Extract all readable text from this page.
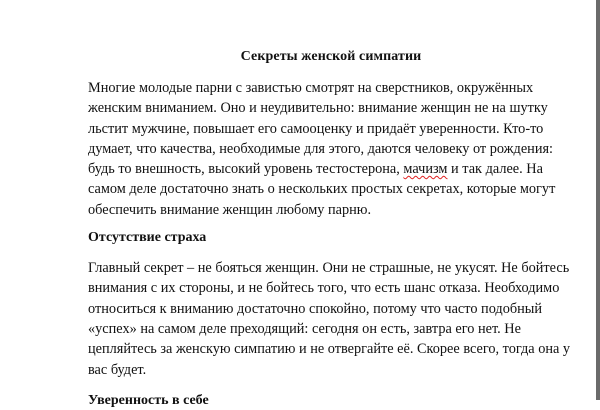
Секреты женской симпатии

Многие молодые парни с завистью смотрят на сверстников, окружённых женским вниманием. Оно и неудивительно: внимание женщин не на шутку льстит мужчине, повышает его самооценку и придаёт уверенности. Кто-то думает, что качества, необходимые для этого, даются человеку от рождения: будь то внешность, высокий уровень тестостерона, мачизм и так далее. На самом деле достаточно знать о нескольких простых секретах, которые могут обеспечить внимание женщин любому парню.

Отсутствие страха

Главный секрет – не бояться женщин. Они не страшные, не укусят. Не бойтесь внимания с их стороны, и не бойтесь того, что есть шанс отказа. Необходимо относиться к вниманию достаточно спокойно, потому что часто подобный «успех» на самом деле преходящий: сегодня он есть, завтра его нет. Не цепляйтесь за женскую симпатию и не отвергайте её. Скорее всего, тогда она у вас будет.

Уверенность в себе
